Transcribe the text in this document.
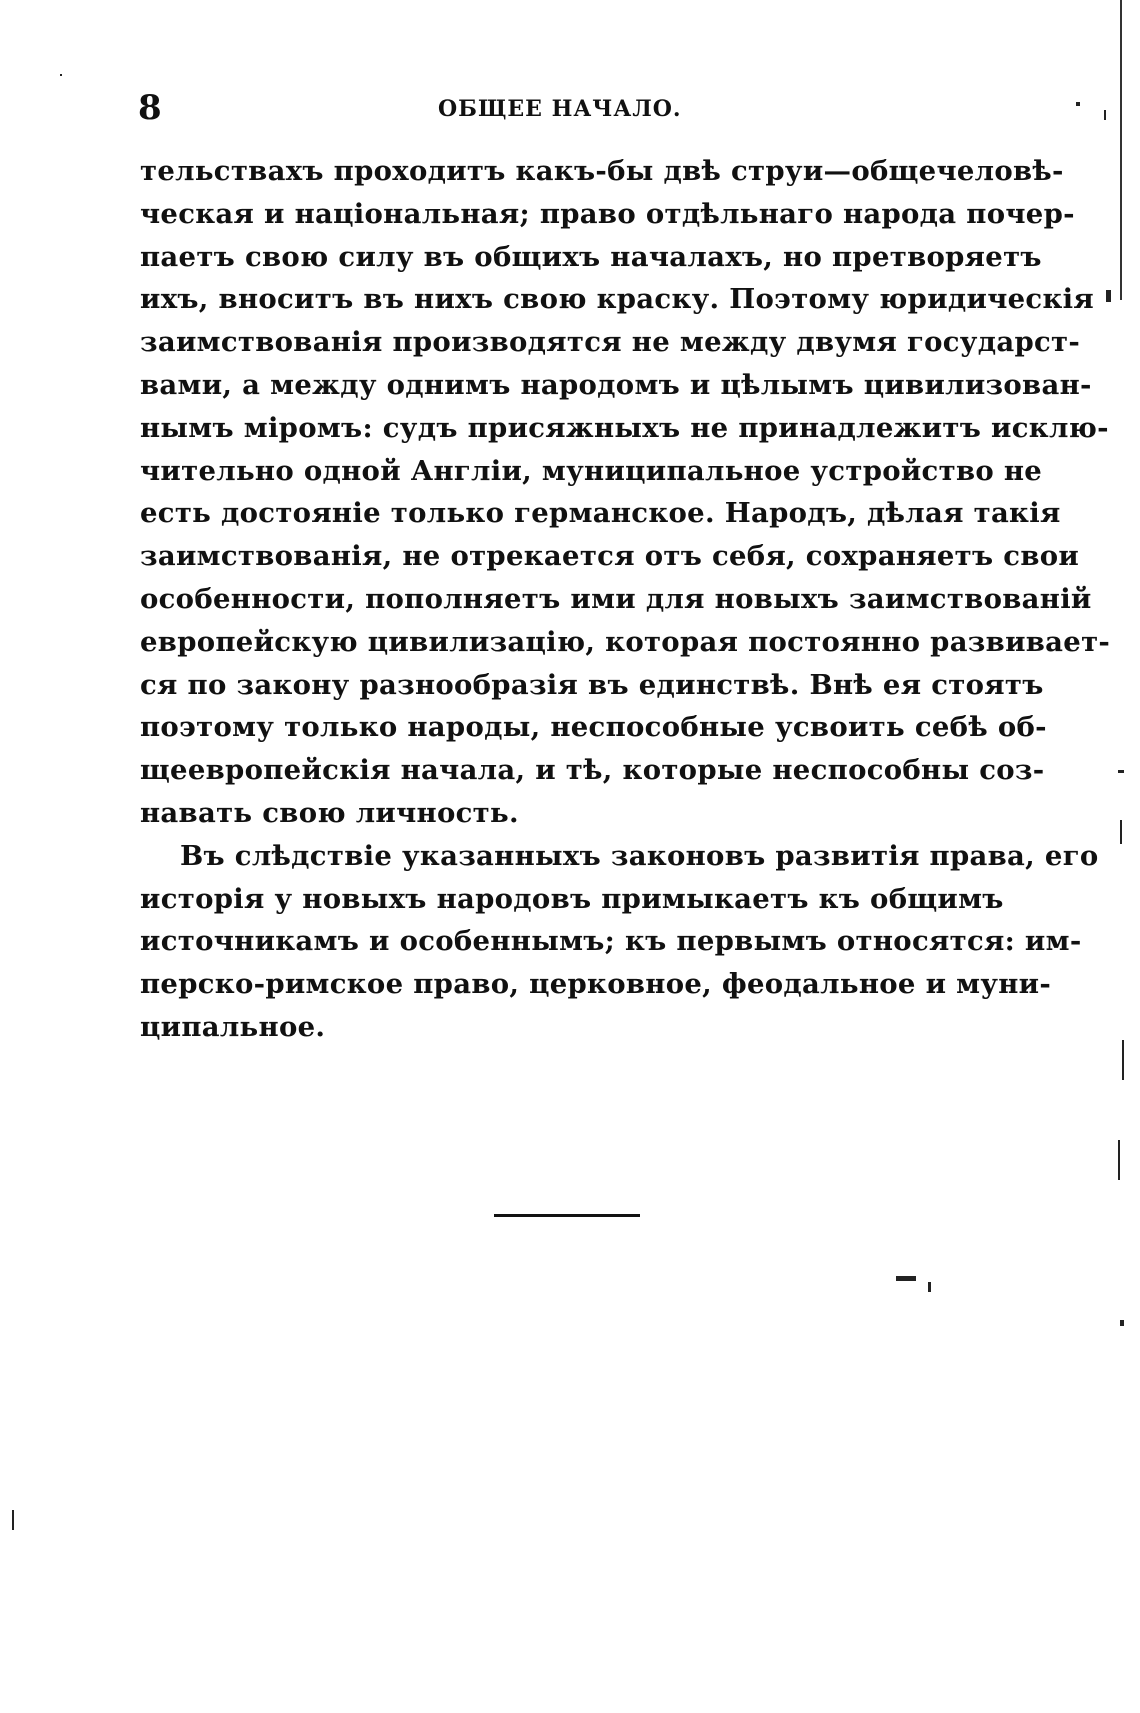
8	ОБЩЕЕ НАЧАЛО.
тельствахъ проходитъ какъ-бы двѣ струи—общечеловѣ-
ческая и національная; право отдѣльнаго народа почер-
паетъ свою силу въ общихъ началахъ, но претворяетъ
ихъ, вноситъ въ нихъ свою краску. Поэтому юридическія
заимствованія производятся не между двумя государст-
вами, а между однимъ народомъ и цѣлымъ цивилизован-
нымъ міромъ: судъ присяжныхъ не принадлежитъ исклю-
чительно одной Англіи, муниципальное устройство не
есть достояніе только германское. Народъ, дѣлая такія
заимствованія, не отрекается отъ себя, сохраняетъ свои
особенности, пополняетъ ими для новыхъ заимствованій
европейскую цивилизацію, которая постоянно развивает-
ся по закону разнообразія въ единствѣ. Внѣ ея стоятъ
поэтому только народы, неспособные усвоить себѣ об-
щеевропейскія начала, и тѣ, которые неспособны соз-
навать свою личность.
Въ слѣдствіе указанныхъ законовъ развитія права, его
исторія у новыхъ народовъ примыкаетъ къ общимъ
источникамъ и особеннымъ; къ первымъ относятся: им-
перско-римское право, церковное, феодальное и муни-
ципальное.
